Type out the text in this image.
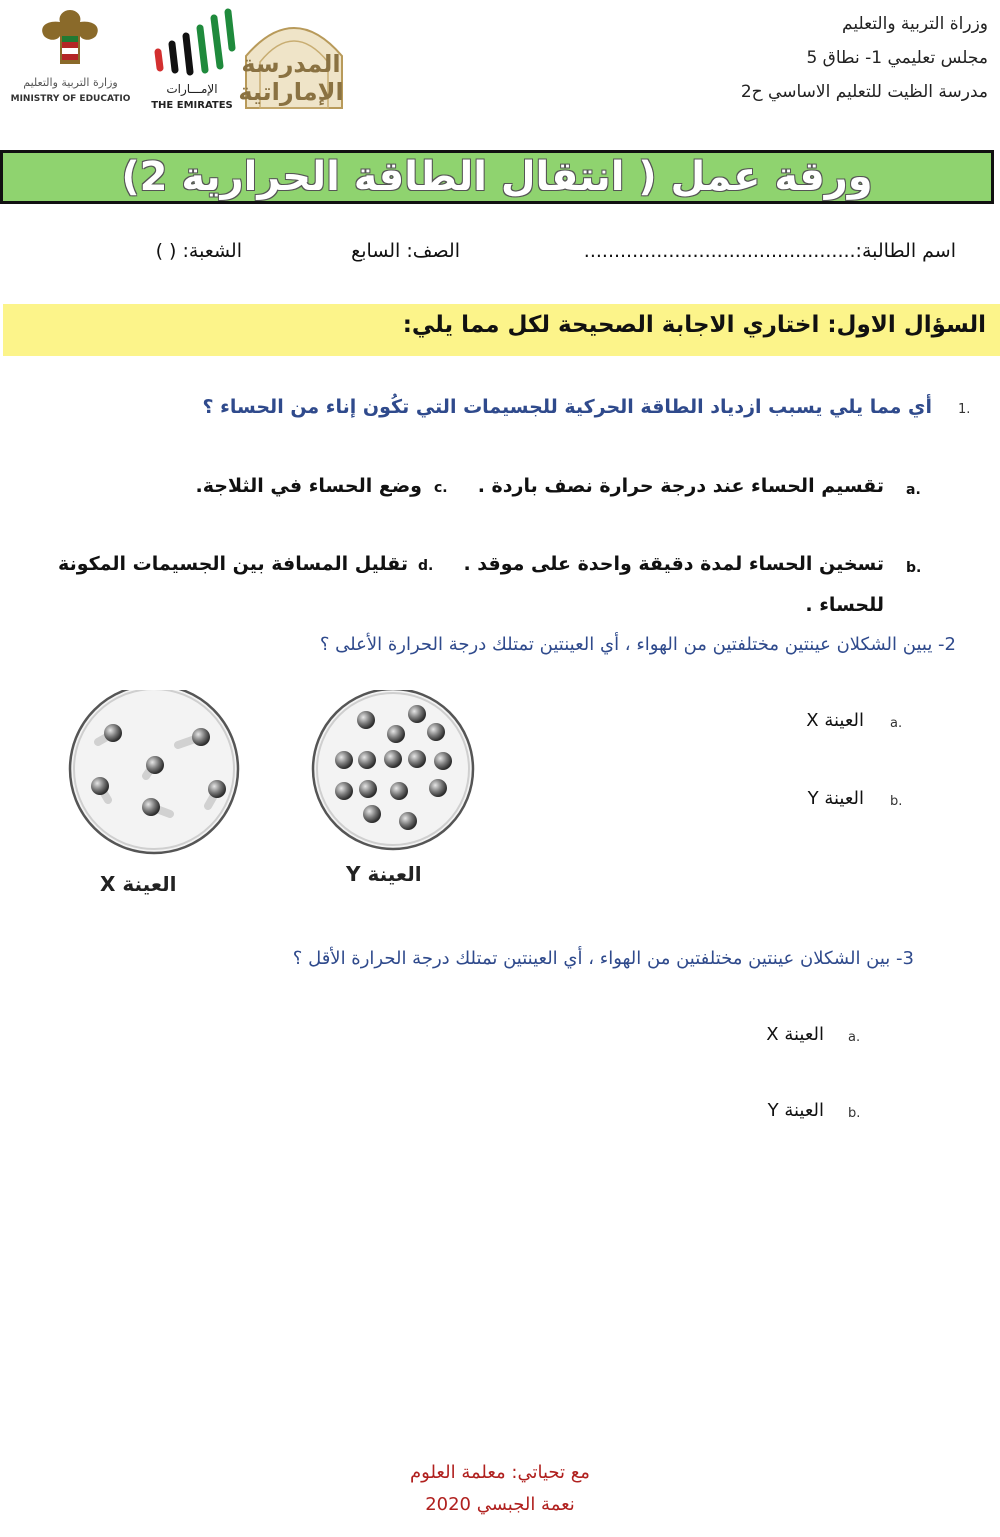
وزارة التربية والتعليم
MINISTRY OF EDUCATIO
الإمـــارات
THE EMIRATES
المدرسة
الإماراتية
وزراة التربية والتعليم
مجلس تعليمي 1- نطاق 5
مدرسة الظيت للتعليم الاساسي ح2
ورقة عمل ( انتقال الطاقة الحرارية 2)
اسم الطالبة:.............................................
الصف: السابع
الشعبة: ( )
السؤال الاول: اختاري الاجابة الصحيحة لكل مما يلي:
1.
أي مما يلي يسبب ازدياد الطاقة الحركية للجسيمات التي تكُون إناء من الحساء ؟
a.
تقسيم الحساء عند درجة حرارة نصف باردة .
c.
وضع الحساء في الثلاجة.
b.
تسخين الحساء لمدة دقيقة واحدة على موقد .
d.
تقليل المسافة بين الجسيمات المكونة
للحساء .
2- يبين الشكلان عينتين مختلفتين من الهواء ، أي العينتين تمتلك درجة الحرارة الأعلى ؟
a.
العينة X
b.
العينة Y
العينة X	العينة Y
3- بين الشكلان عينتين مختلفتين من الهواء ، أي العينتين تمتلك درجة الحرارة الأقل ؟
a.
العينة X
b.
العينة Y
مع تحياتي: معلمة العلوم
نعمة الجبسي 2020
